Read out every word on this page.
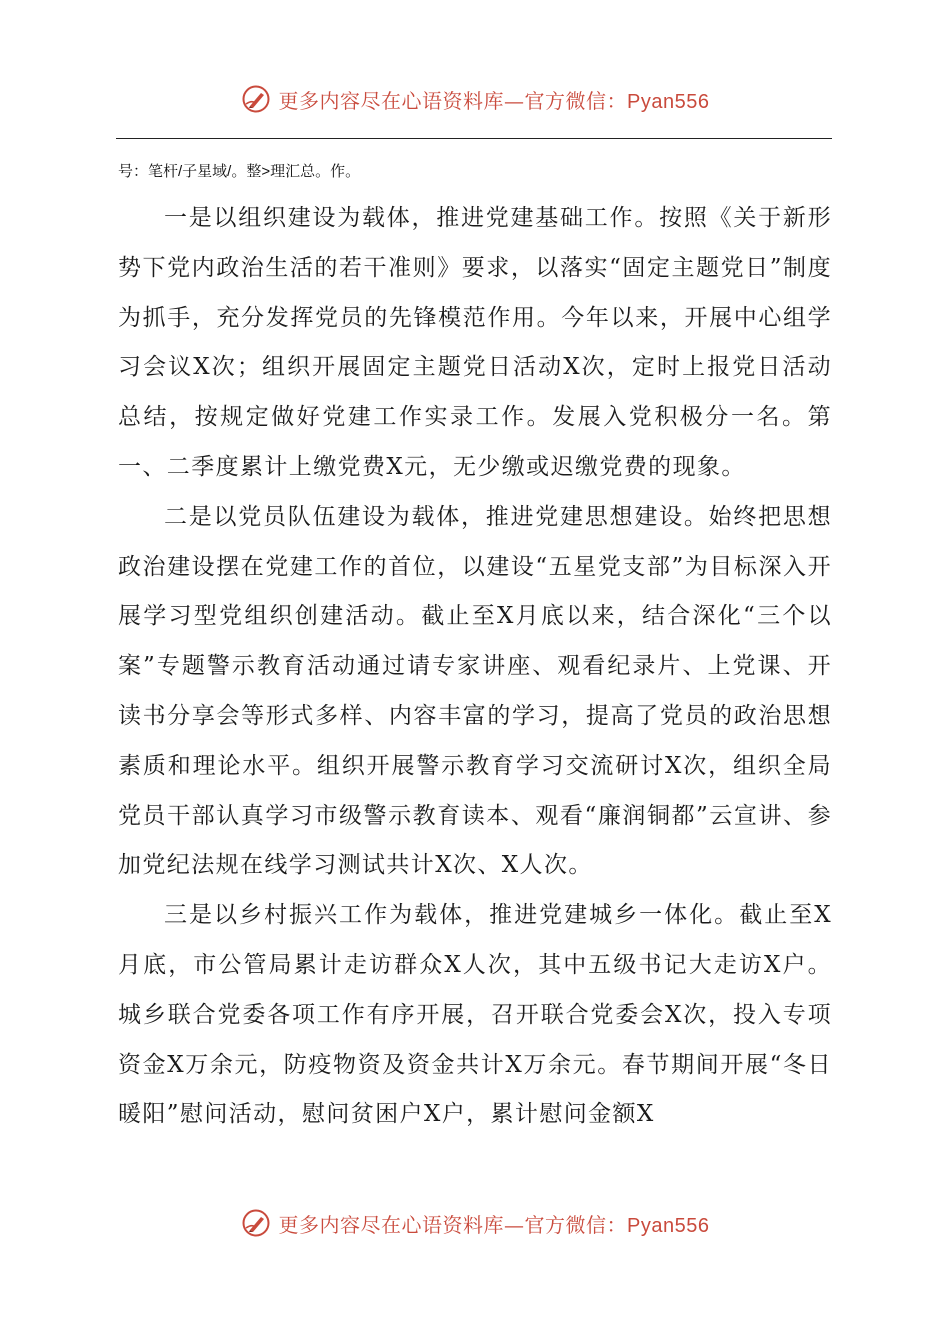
更多内容尽在心语资料库—官方微信：Pyan556
号：笔杆/子星域/。整>理汇总。作。

一是以组织建设为载体，推进党建基础工作。按照《关于新形势下党内政治生活的若干准则》要求，以落实“固定主题党日”制度为抓手，充分发挥党员的先锋模范作用。今年以来，开展中心组学习会议X次；组织开展固定主题党日活动X次，定时上报党日活动总结，按规定做好党建工作实录工作。发展入党积极分一名。第一、二季度累计上缴党费X元，无少缴或迟缴党费的现象。

二是以党员队伍建设为载体，推进党建思想建设。始终把思想政治建设摆在党建工作的首位，以建设“五星党支部”为目标深入开展学习型党组织创建活动。截止至X月底以来，结合深化“三个以案”专题警示教育活动通过请专家讲座、观看纪录片、上党课、开读书分享会等形式多样、内容丰富的学习，提高了党员的政治思想素质和理论水平。组织开展警示教育学习交流研讨X次，组织全局党员干部认真学习市级警示教育读本、观看“廉润铜都”云宣讲、参加党纪法规在线学习测试共计X次、X人次。

三是以乡村振兴工作为载体，推进党建城乡一体化。截止至X月底，市公管局累计走访群众X人次，其中五级书记大走访X户。城乡联合党委各项工作有序开展，召开联合党委会X次，投入专项资金X万余元，防疫物资及资金共计X万余元。春节期间开展“冬日暖阳”慰问活动，慰问贫困户X户，累计慰问金额X

更多内容尽在心语资料库—官方微信：Pyan556
